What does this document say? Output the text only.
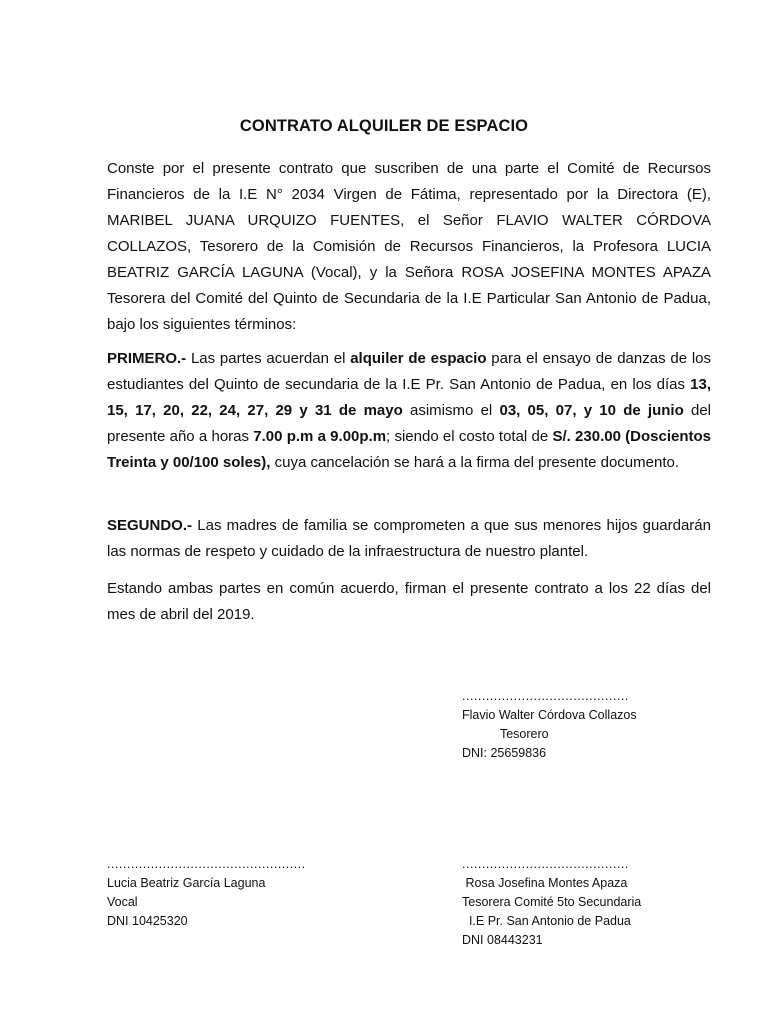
CONTRATO ALQUILER DE ESPACIO

Conste por el presente contrato que suscriben de una parte el Comité de Recursos Financieros de la I.E N° 2034 Virgen de Fátima, representado por la Directora (E), MARIBEL JUANA URQUIZO FUENTES, el Señor FLAVIO WALTER CÓRDOVA COLLAZOS, Tesorero de la Comisión de Recursos Financieros, la Profesora LUCIA BEATRIZ GARCÍA LAGUNA (Vocal), y la Señora ROSA JOSEFINA MONTES APAZA Tesorera del Comité del Quinto de Secundaria de la I.E Particular San Antonio de Padua, bajo los siguientes términos:

PRIMERO.- Las partes acuerdan el alquiler de espacio para el ensayo de danzas de los estudiantes del Quinto de secundaria de la I.E Pr. San Antonio de Padua, en los días 13, 15, 17, 20, 22, 24, 27, 29 y 31 de mayo asimismo el 03, 05, 07, y 10 de junio del presente año a horas 7.00 p.m a 9.00p.m; siendo el costo total de S/. 230.00 (Doscientos Treinta y 00/100 soles), cuya cancelación se hará a la firma del presente documento.

SEGUNDO.- Las madres de familia se comprometen a que sus menores hijos guardarán las normas de respeto y cuidado de la infraestructura de nuestro plantel.

Estando ambas partes en común acuerdo, firman el presente contrato a los 22 días del mes de abril del 2019.

..........................................
Flavio Walter Córdova Collazos
Tesorero
DNI: 25659836
..................................................
Lucia Beatriz García Laguna
Vocal
DNI 10425320
..........................................
Rosa Josefina Montes Apaza
Tesorera Comité 5to Secundaria
I.E Pr. San Antonio de Padua
DNI 08443231
